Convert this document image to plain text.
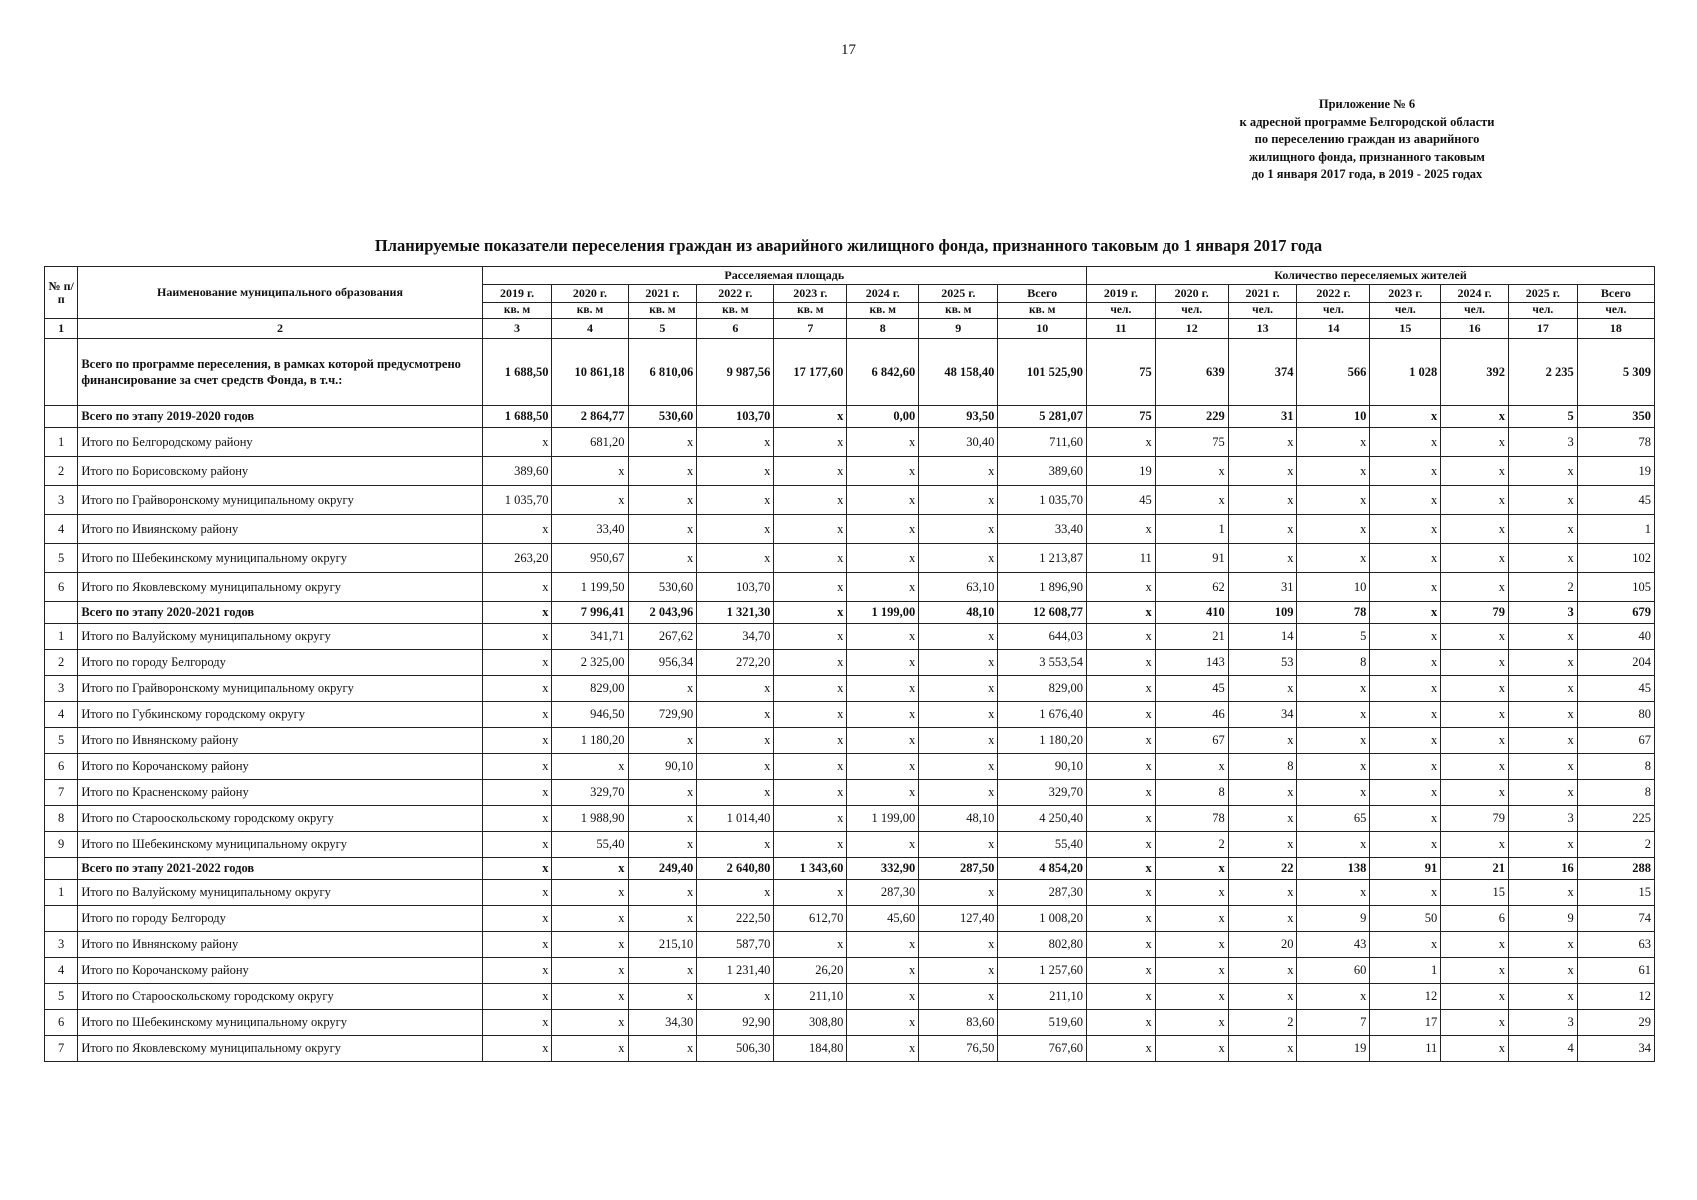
17
Приложение № 6
к адресной программе Белгородской области
по переселению граждан из аварийного
жилищного фонда, признанного таковым
до 1 января 2017 года, в 2019 - 2025 годах
Планируемые показатели переселения граждан из аварийного жилищного фонда, признанного таковым до 1 января 2017 года
№ п/п	Наименование муниципального образования	Расселяемая площадь								Количество переселяемых жителей							
		2019 г.	2020 г.	2021 г.	2022 г.	2023 г.	2024 г.	2025 г.	Всего	2019 г.	2020 г.	2021 г.	2022 г.	2023 г.	2024 г.	2025 г.	Всего
		кв. м	кв. м	кв. м	кв. м	кв. м	кв. м	кв. м	кв. м	чел.	чел.	чел.	чел.	чел.	чел.	чел.	чел.
1	2	3	4	5	6	7	8	9	10	11	12	13	14	15	16	17	18
	Всего по программе переселения, в рамках которой предусмотрено финансирование за счет средств Фонда, в т.ч.:	1 688,50	10 861,18	6 810,06	9 987,56	17 177,60	6 842,60	48 158,40	101 525,90	75	639	374	566	1 028	392	2 235	5 309
	Всего по этапу 2019-2020 годов	1 688,50	2 864,77	530,60	103,70	x	0,00	93,50	5 281,07	75	229	31	10	x	x	5	350
1	Итого по Белгородскому району	x	681,20	x	x	x	x	30,40	711,60	x	75	x	x	x	x	3	78
2	Итого по Борисовскому району	389,60	x	x	x	x	x	x	389,60	19	x	x	x	x	x	x	19
3	Итого по Грайворонскому муниципальному округу	1 035,70	x	x	x	x	x	x	1 035,70	45	x	x	x	x	x	x	45
4	Итого по Ивиянскому району	x	33,40	x	x	x	x	x	33,40	x	1	x	x	x	x	x	1
5	Итого по Шебекинскому муниципальному округу	263,20	950,67	x	x	x	x	x	1 213,87	11	91	x	x	x	x	x	102
6	Итого по Яковлевскому муниципальному округу	x	1 199,50	530,60	103,70	x	x	63,10	1 896,90	x	62	31	10	x	x	2	105
	Всего по этапу 2020-2021 годов	x	7 996,41	2 043,96	1 321,30	x	1 199,00	48,10	12 608,77	x	410	109	78	x	79	3	679
1	Итого по Валуйскому муниципальному округу	x	341,71	267,62	34,70	x	x	x	644,03	x	21	14	5	x	x	x	40
2	Итого по городу Белгороду	x	2 325,00	956,34	272,20	x	x	x	3 553,54	x	143	53	8	x	x	x	204
3	Итого по Грайворонскому муниципальному округу	x	829,00	x	x	x	x	x	829,00	x	45	x	x	x	x	x	45
4	Итого по Губкинскому городскому округу	x	946,50	729,90	x	x	x	x	1 676,40	x	46	34	x	x	x	x	80
5	Итого по Ивнянскому району	x	1 180,20	x	x	x	x	x	1 180,20	x	67	x	x	x	x	x	67
6	Итого по Корочанскому району	x	x	90,10	x	x	x	x	90,10	x	x	8	x	x	x	x	8
7	Итого по Красненскому району	x	329,70	x	x	x	x	x	329,70	x	8	x	x	x	x	x	8
8	Итого по Старооскольскому городскому округу	x	1 988,90	x	1 014,40	x	1 199,00	48,10	4 250,40	x	78	x	65	x	79	3	225
9	Итого по Шебекинскому муниципальному округу	x	55,40	x	x	x	x	x	55,40	x	2	x	x	x	x	x	2
	Всего по этапу 2021-2022 годов	x	x	249,40	2 640,80	1 343,60	332,90	287,50	4 854,20	x	x	22	138	91	21	16	288
1	Итого по Валуйскому муниципальному округу	x	x	x	x	x	287,30	x	287,30	x	x	x	x	x	15	x	15
	Итого по городу Белгороду	x	x	x	222,50	612,70	45,60	127,40	1 008,20	x	x	x	9	50	6	9	74
3	Итого по Ивнянскому району	x	x	215,10	587,70	x	x	x	802,80	x	x	20	43	x	x	x	63
4	Итого по Корочанскому району	x	x	x	1 231,40	26,20	x	x	1 257,60	x	x	x	60	1	x	x	61
5	Итого по Старооскольскому городскому округу	x	x	x	x	211,10	x	x	211,10	x	x	x	x	12	x	x	12
6	Итого по Шебекинскому муниципальному округу	x	x	34,30	92,90	308,80	x	83,60	519,60	x	x	2	7	17	x	3	29
7	Итого по Яковлевскому муниципальному округу	x	x	x	506,30	184,80	x	76,50	767,60	x	x	x	19	11	x	4	34
